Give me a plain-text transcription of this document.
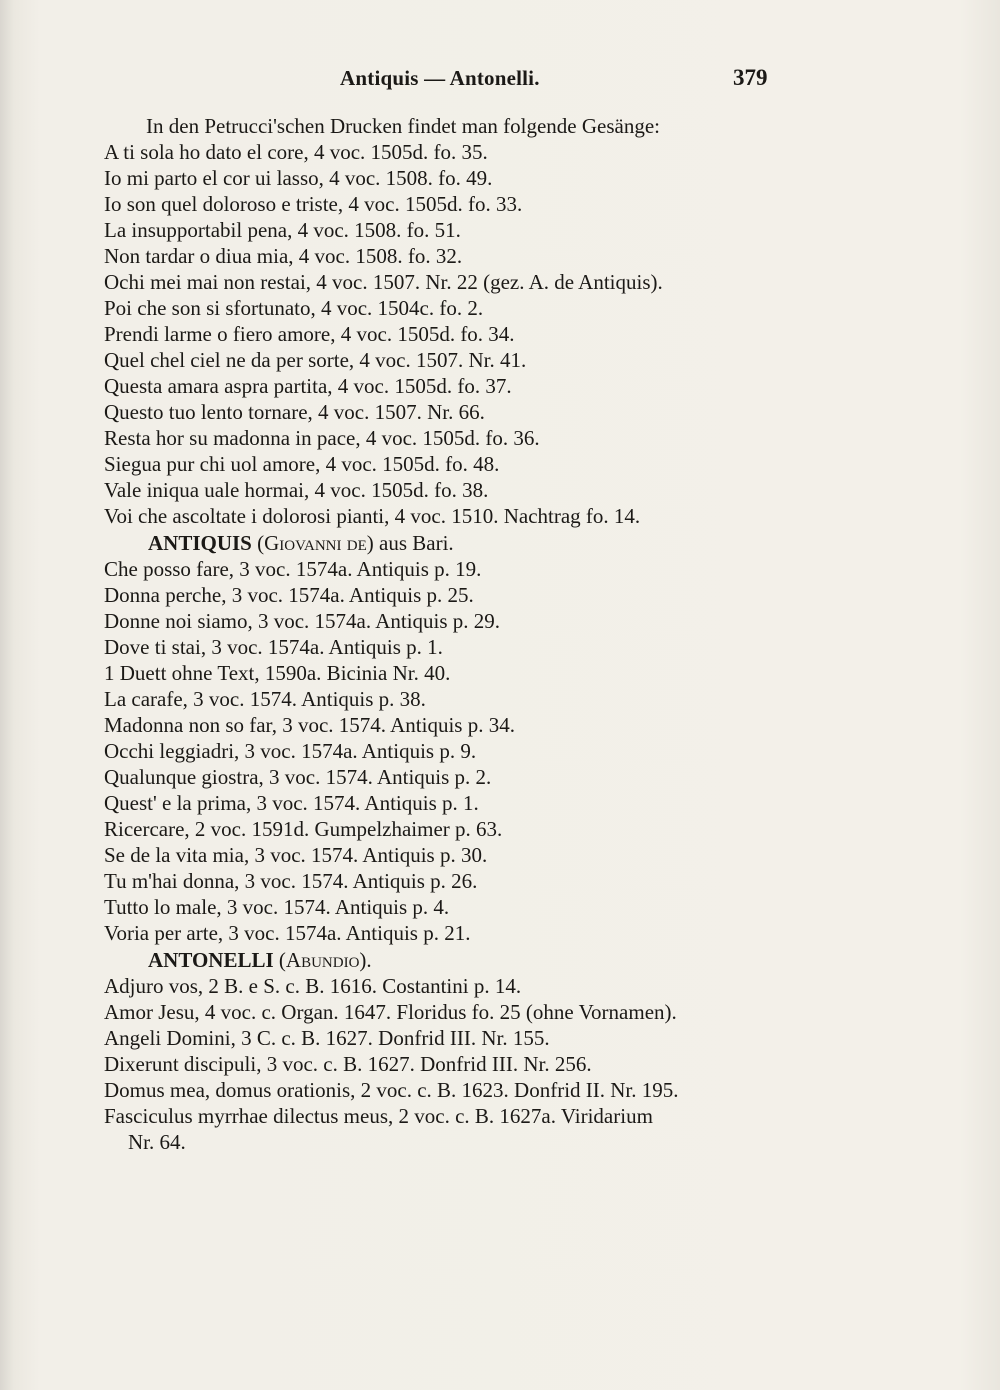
Antiquis — Antonelli.	379
In den Petrucci'schen Drucken findet man folgende Gesänge:
A ti sola ho dato el core, 4 voc. 1505d. fo. 35.
Io mi parto el cor ui lasso, 4 voc. 1508. fo. 49.
Io son quel doloroso e triste, 4 voc. 1505d. fo. 33.
La insupportabil pena, 4 voc. 1508. fo. 51.
Non tardar o diua mia, 4 voc. 1508. fo. 32.
Ochi mei mai non restai, 4 voc. 1507. Nr. 22 (gez. A. de Antiquis).
Poi che son si sfortunato, 4 voc. 1504c. fo. 2.
Prendi larme o fiero amore, 4 voc. 1505d. fo. 34.
Quel chel ciel ne da per sorte, 4 voc. 1507. Nr. 41.
Questa amara aspra partita, 4 voc. 1505d. fo. 37.
Questo tuo lento tornare, 4 voc. 1507. Nr. 66.
Resta hor su madonna in pace, 4 voc. 1505d. fo. 36.
Siegua pur chi uol amore, 4 voc. 1505d. fo. 48.
Vale iniqua uale hormai, 4 voc. 1505d. fo. 38.
Voi che ascoltate i dolorosi pianti, 4 voc. 1510. Nachtrag fo. 14.
ANTIQUIS (Giovanni de) aus Bari.
Che posso fare, 3 voc. 1574a. Antiquis p. 19.
Donna perche, 3 voc. 1574a. Antiquis p. 25.
Donne noi siamo, 3 voc. 1574a. Antiquis p. 29.
Dove ti stai, 3 voc. 1574a. Antiquis p. 1.
1 Duett ohne Text, 1590a. Bicinia Nr. 40.
La carafe, 3 voc. 1574. Antiquis p. 38.
Madonna non so far, 3 voc. 1574. Antiquis p. 34.
Occhi leggiadri, 3 voc. 1574a. Antiquis p. 9.
Qualunque giostra, 3 voc. 1574. Antiquis p. 2.
Quest' e la prima, 3 voc. 1574. Antiquis p. 1.
Ricercare, 2 voc. 1591d. Gumpelzhaimer p. 63.
Se de la vita mia, 3 voc. 1574. Antiquis p. 30.
Tu m'hai donna, 3 voc. 1574. Antiquis p. 26.
Tutto lo male, 3 voc. 1574. Antiquis p. 4.
Voria per arte, 3 voc. 1574a. Antiquis p. 21.
ANTONELLI (Abundio).
Adjuro vos, 2 B. e S. c. B. 1616. Costantini p. 14.
Amor Jesu, 4 voc. c. Organ. 1647. Floridus fo. 25 (ohne Vornamen).
Angeli Domini, 3 C. c. B. 1627. Donfrid III. Nr. 155.
Dixerunt discipuli, 3 voc. c. B. 1627. Donfrid III. Nr. 256.
Domus mea, domus orationis, 2 voc. c. B. 1623. Donfrid II. Nr. 195.
Fasciculus myrrhae dilectus meus, 2 voc. c. B. 1627a. Viridarium
Nr. 64.
